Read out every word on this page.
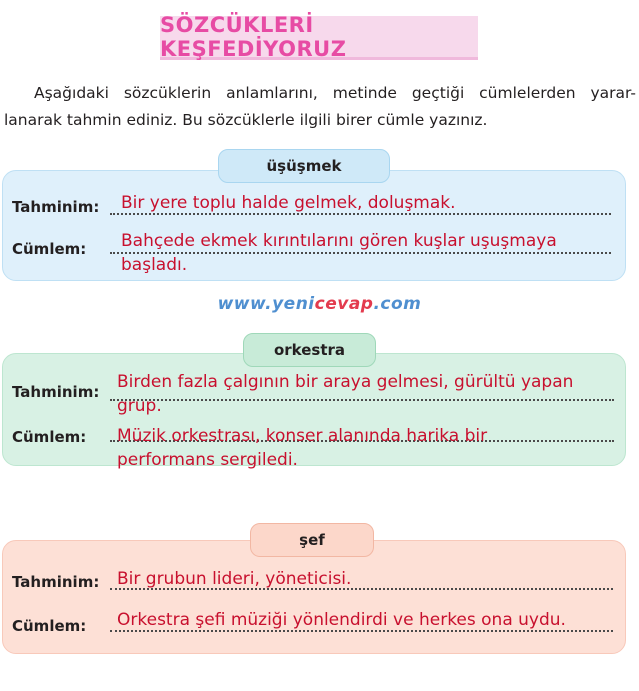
SÖZCÜKLERİ KEŞFEDİYORUZ
Aşağıdaki sözcüklerin anlamlarını, metinde geçtiği cümlelerden yarar-
lanarak tahmin ediniz. Bu sözcüklerle ilgili birer cümle yazınız.
üşüşmek
Tahminim: Bir yere toplu halde gelmek, doluşmak.
Cümlem: Bahçede ekmek kırıntılarını gören kuşlar uşuşmaya
başladı.
www.yenicevap.com
orkestra
Tahminim: Birden fazla çalgının bir araya gelmesi, gürültü yapan
grup.
Cümlem: Müzik orkestrası, konser alanında harika bir
performans sergiledi.
şef
Tahminim: Bir grubun lideri, yöneticisi.
Cümlem: Orkestra şefi müziği yönlendirdi ve herkes ona uydu.
